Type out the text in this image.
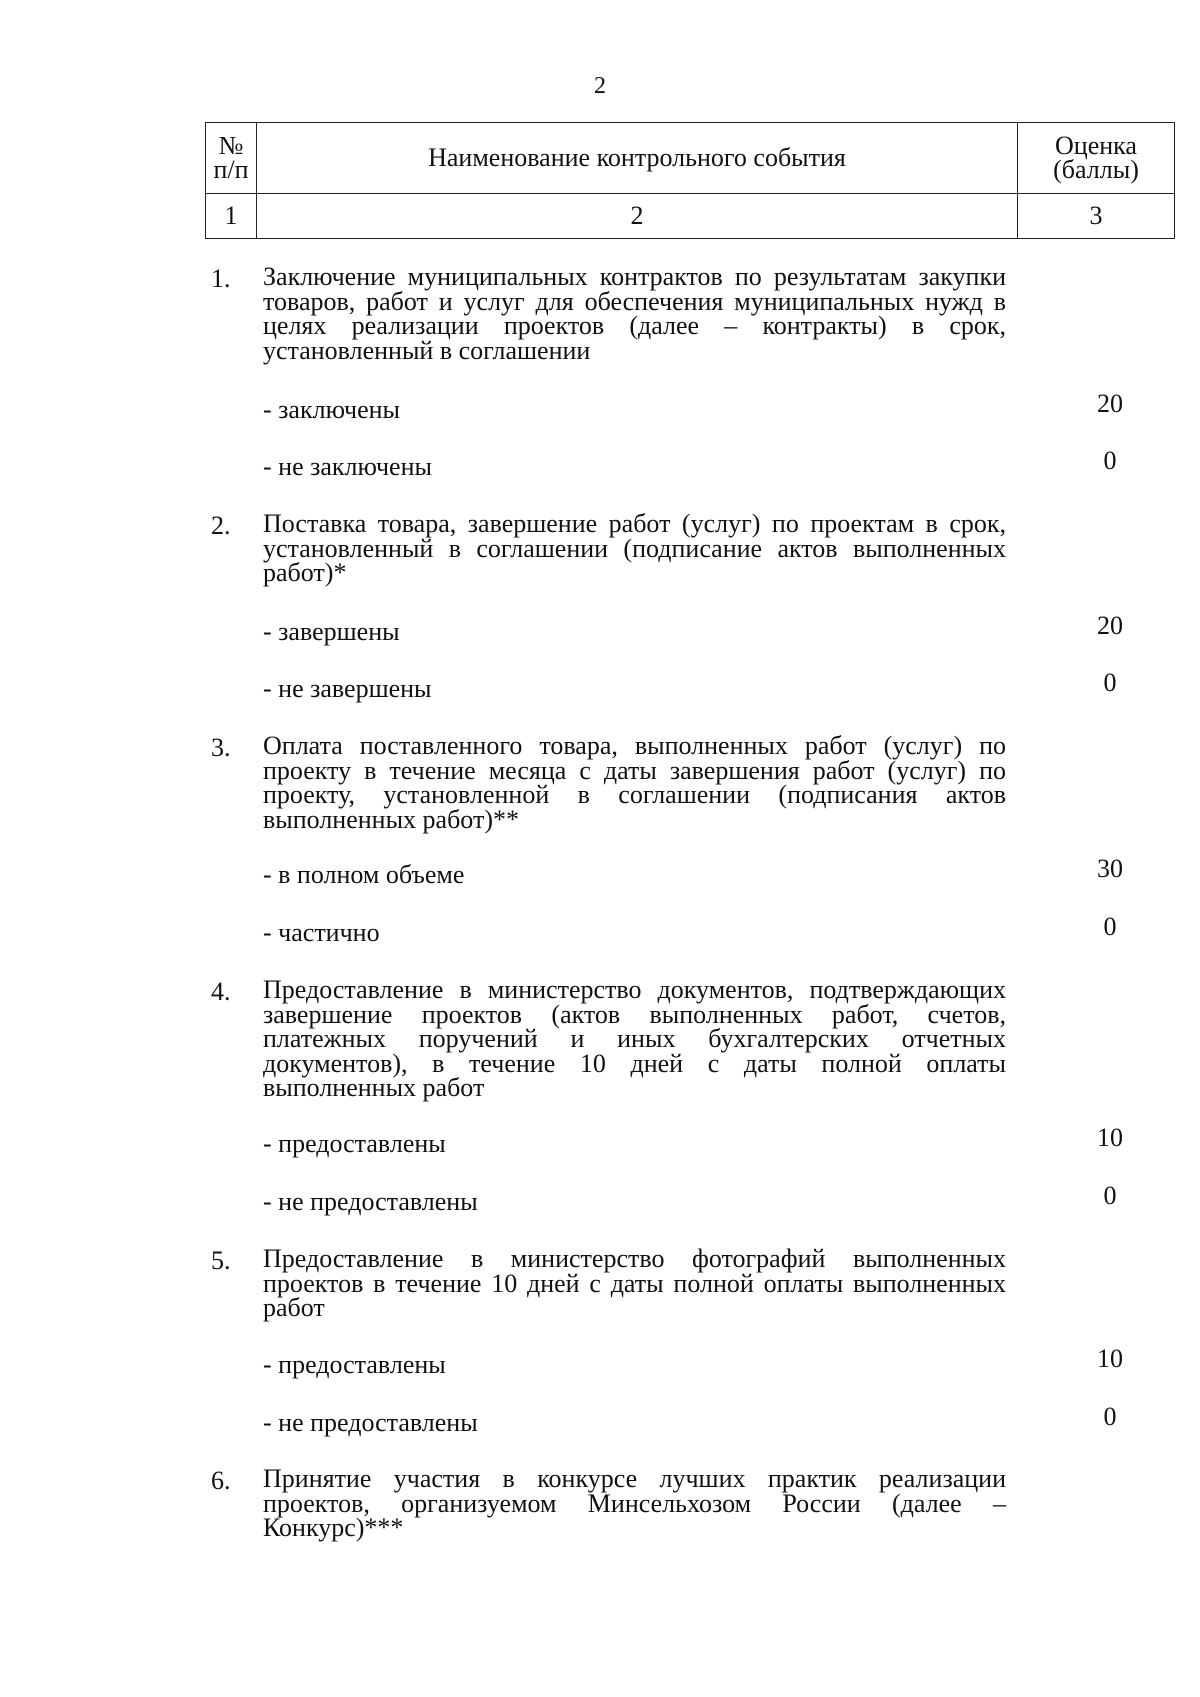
2
№ п/п	Наименование контрольного события	Оценка (баллы)
1	2	3
1. Заключение муниципальных контрактов по результатам закупки товаров, работ и услуг для обеспечения муниципальных нужд в целях реализации проектов (далее – контракты) в срок, установленный в соглашении
- заключены	20
- не заключены	0
2. Поставка товара, завершение работ (услуг) по проектам в срок, установленный в соглашении (подписание актов выполненных работ)*
- завершены	20
- не завершены	0
3. Оплата поставленного товара, выполненных работ (услуг) по проекту в течение месяца с даты завершения работ (услуг) по проекту, установленной в соглашении (подписания актов выполненных работ)**
- в полном объеме	30
- частично	0
4. Предоставление в министерство документов, подтверждающих завершение проектов (актов выполненных работ, счетов, платежных поручений и иных бухгалтерских отчетных документов), в течение 10 дней с даты полной оплаты выполненных работ
- предоставлены	10
- не предоставлены	0
5. Предоставление в министерство фотографий выполненных проектов в течение 10 дней с даты полной оплаты выполненных работ
- предоставлены	10
- не предоставлены	0
6. Принятие участия в конкурсе лучших практик реализации проектов, организуемом Минсельхозом России (далее – Конкурс)***
